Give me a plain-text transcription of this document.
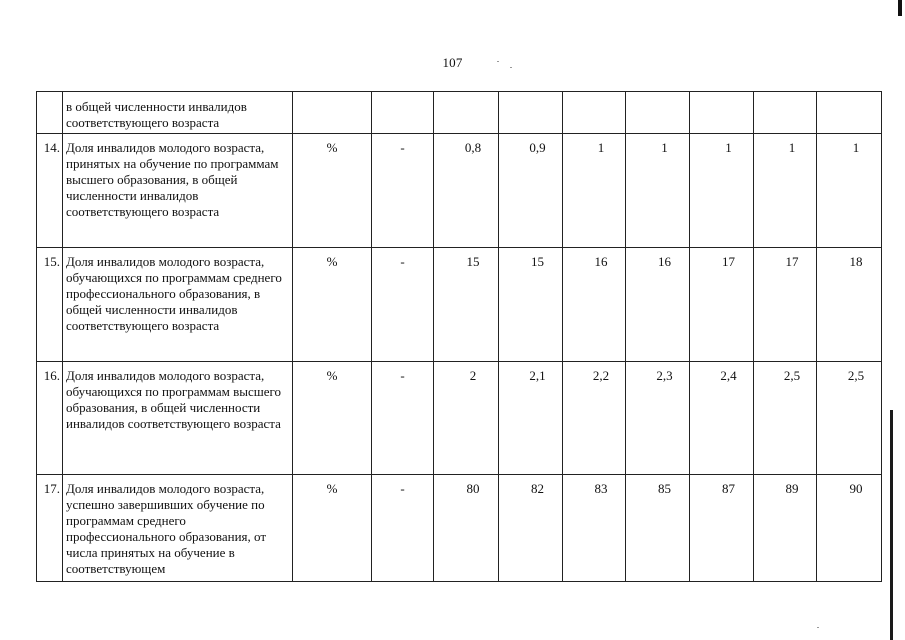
107
	в общей численности инвалидов соответствующего возраста									
14.	Доля инвалидов молодого возраста, принятых на обучение по программам высшего образования, в общей численности инвалидов соответствующего возраста	%	-	0,8	0,9	1	1	1	1	1
15.	Доля инвалидов молодого возраста, обучающихся по программам среднего профессионального образования, в общей численности инвалидов соответствующего возраста	%	-	15	15	16	16	17	17	18
16.	Доля инвалидов молодого возраста, обучающихся по программам высшего образования, в общей численности инвалидов соответствующего возраста	%	-	2	2,1	2,2	2,3	2,4	2,5	2,5
17.	Доля инвалидов молодого возраста, успешно завершивших обучение по программам среднего профессионального образования, от числа принятых на обучение в соответствующем	%	-	80	82	83	85	87	89	90
